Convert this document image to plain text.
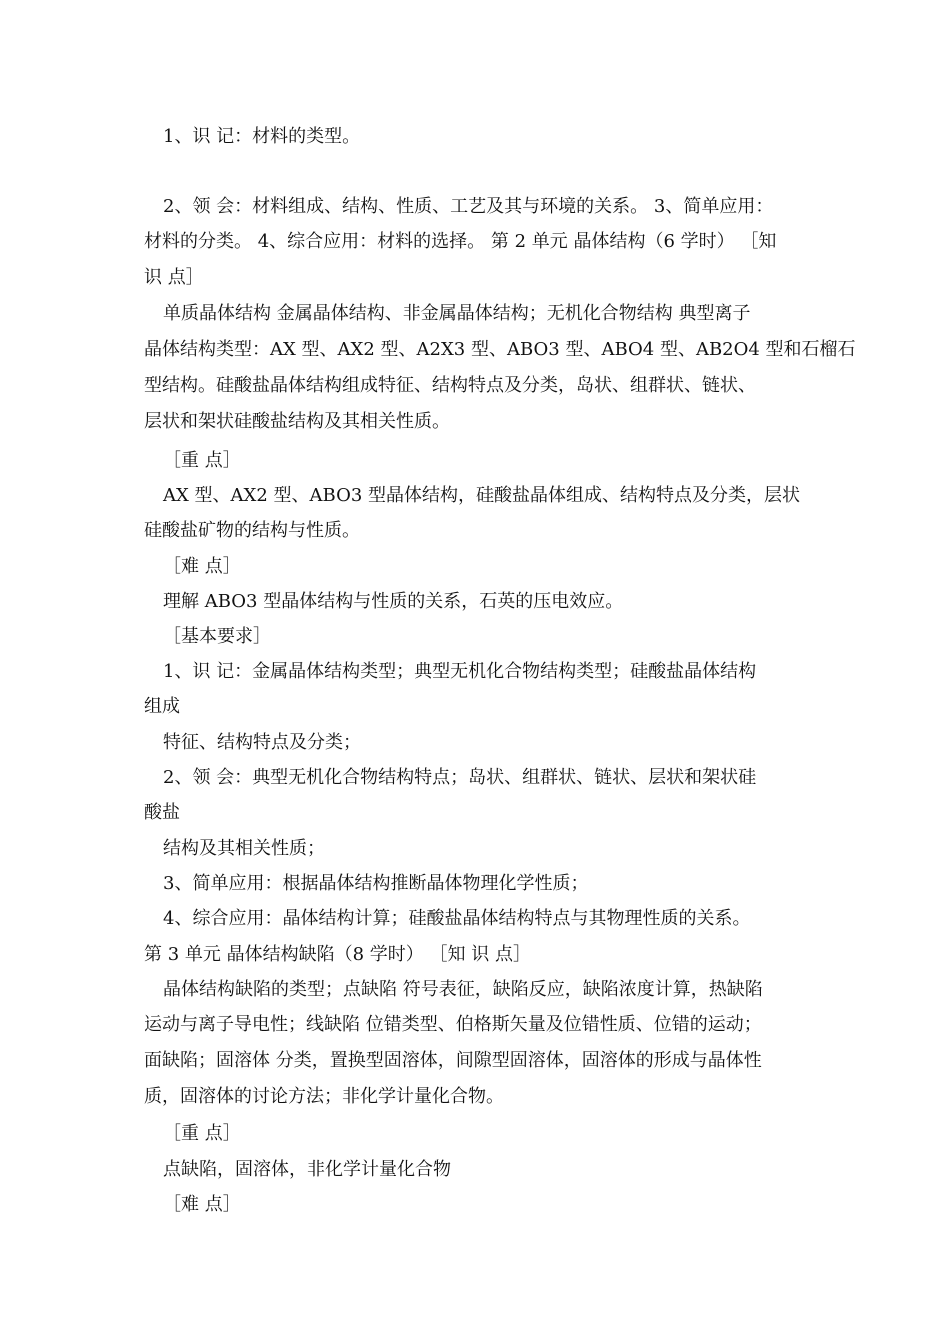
1、识 记：材料的类型。
2、领 会：材料组成、结构、性质、工艺及其与环境的关系。 3、简单应用：
材料的分类。 4、综合应用：材料的选择。 第 2 单元 晶体结构（6 学时） ［知
识 点］
单质晶体结构 金属晶体结构、非金属晶体结构；无机化合物结构 典型离子
晶体结构类型：AX 型、AX2 型、A2X3 型、ABO3 型、ABO4 型、AB2O4 型和石榴石
型结构。硅酸盐晶体结构组成特征、结构特点及分类，岛状、组群状、链状、
层状和架状硅酸盐结构及其相关性质。
［重 点］
AX 型、AX2 型、ABO3 型晶体结构，硅酸盐晶体组成、结构特点及分类，层状
硅酸盐矿物的结构与性质。
［难 点］
理解 ABO3 型晶体结构与性质的关系，石英的压电效应。
［基本要求］
1、识 记：金属晶体结构类型；典型无机化合物结构类型；硅酸盐晶体结构
组成
特征、结构特点及分类；
2、领 会：典型无机化合物结构特点；岛状、组群状、链状、层状和架状硅
酸盐
结构及其相关性质；
3、简单应用：根据晶体结构推断晶体物理化学性质；
4、综合应用：晶体结构计算；硅酸盐晶体结构特点与其物理性质的关系。
第 3 单元 晶体结构缺陷（8 学时） ［知 识 点］
晶体结构缺陷的类型；点缺陷 符号表征，缺陷反应，缺陷浓度计算，热缺陷
运动与离子导电性；线缺陷 位错类型、伯格斯矢量及位错性质、位错的运动；
面缺陷；固溶体 分类，置换型固溶体，间隙型固溶体，固溶体的形成与晶体性
质，固溶体的讨论方法；非化学计量化合物。
［重 点］
点缺陷，固溶体，非化学计量化合物
［难 点］
